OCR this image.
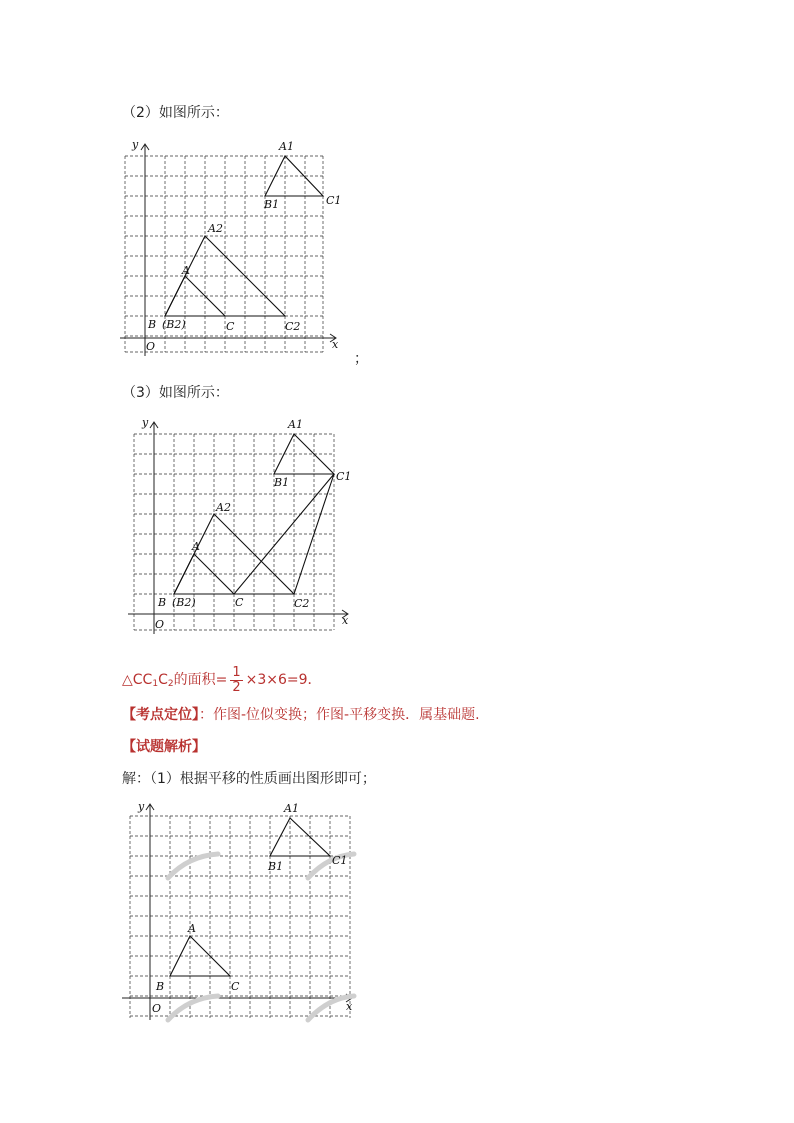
（2）如图所示：
y
x
O
A1
B1	C1
A2
A
B (B2)	C	C2
；
（3）如图所示：
y
x
O
A1
B1	C1
A2
A
B (B2)	C	C2
$\triangle CC_1C_2$的面积= $\frac{1}{2} \times 3\times 6=9$．
【考点定位】：作图-位似变换；作图-平移变换．属基础题.
【试题解析】
解：（1）根据平移的性质画出图形即可；
y
x
O
A1
B1	C1
A
B	C
